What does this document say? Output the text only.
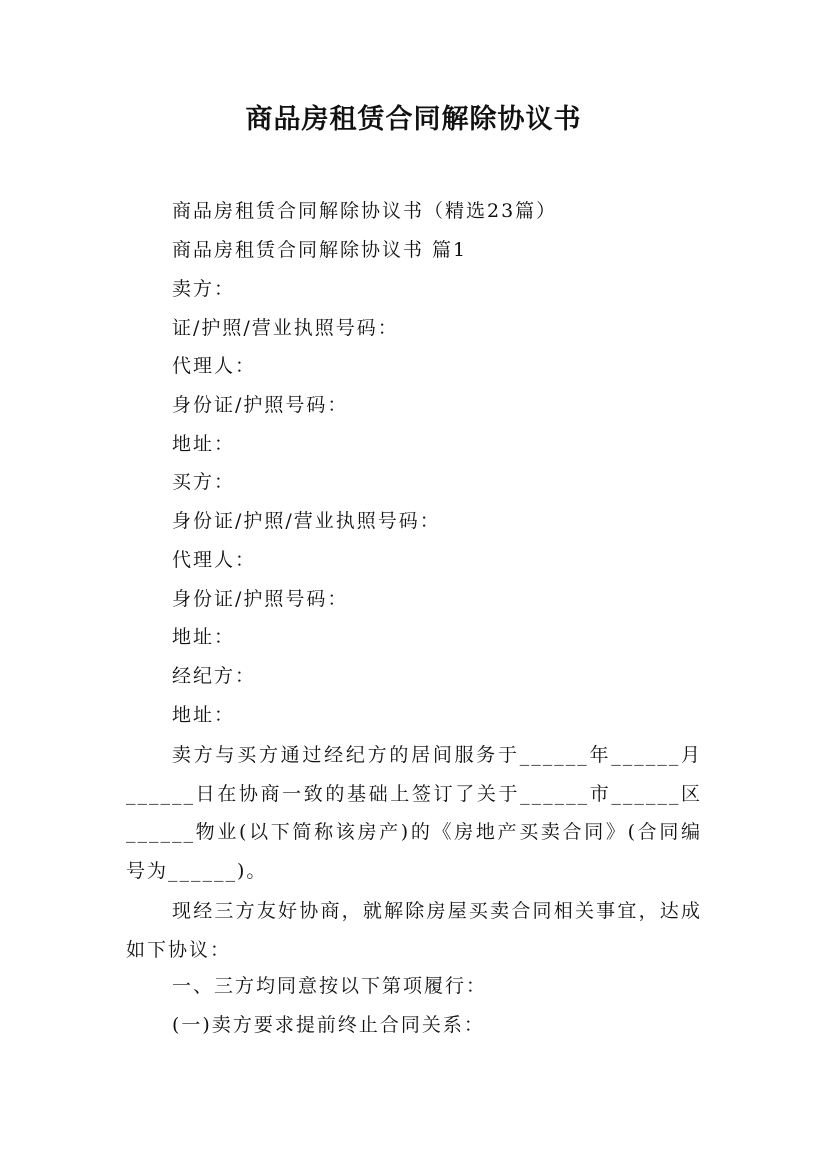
商品房租赁合同解除协议书
商品房租赁合同解除协议书（精选23篇）
商品房租赁合同解除协议书 篇1
卖方：
证/护照/营业执照号码：
代理人：
身份证/护照号码：
地址：
买方：
身份证/护照/营业执照号码：
代理人：
身份证/护照号码：
地址：
经纪方：
地址：
卖方与买方通过经纪方的居间服务于______年______月______日在协商一致的基础上签订了关于______市______区______物业(以下简称该房产)的《房地产买卖合同》(合同编号为______)。
现经三方友好协商，就解除房屋买卖合同相关事宜，达成如下协议：
一、三方均同意按以下第项履行：
(一)卖方要求提前终止合同关系：
